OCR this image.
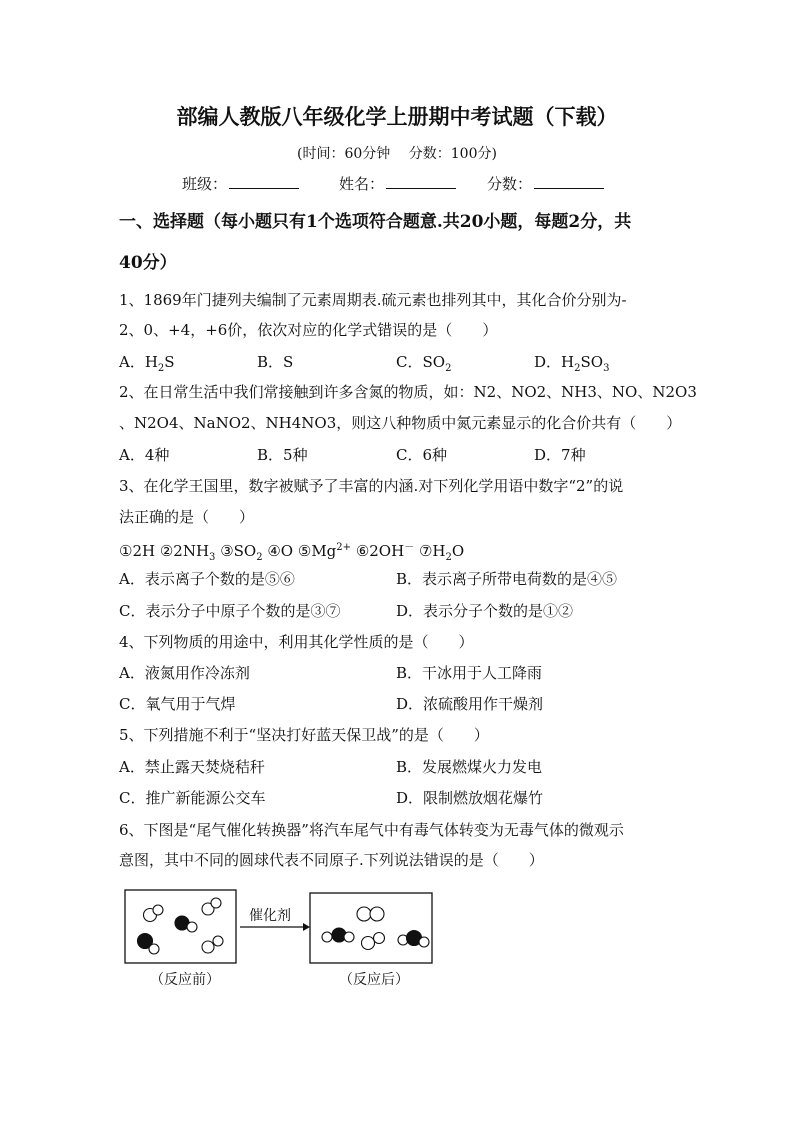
部编人教版八年级化学上册期中考试题（下载）
(时间：60分钟　 分数：100分)
班级：	姓名：	分数：
一、选择题（每小题只有1个选项符合题意.共20小题，每题2分，共
40分）
1、1869年门捷列夫编制了元素周期表.硫元素也排列其中，其化合价分别为-
2、0、+4，+6价，依次对应的化学式错误的是（　　）
A．$H_2S$	B．S	C．$SO_2$	D．$H_2SO_3$
2、在日常生活中我们常接触到许多含氮的物质，如：N2、NO2、NH3、NO、N2O3
、N2O4、NaNO2、NH4NO3，则这八种物质中氮元素显示的化合价共有（　　）
A．4种	B．5种	C．6种	D．7种
3、在化学王国里，数字被赋予了丰富的内涵.对下列化学用语中数字“2”的说
法正确的是（　　）
①2H $②2NH_3$ $③SO_2$ ④O $⑤Mg^{2+}$ ⑥2OH－ $⑦H_2O$
A．表示离子个数的是⑤⑥	B．表示离子所带电荷数的是④⑤
C．表示分子中原子个数的是③⑦	D．表示分子个数的是①②
4、下列物质的用途中，利用其化学性质的是（　　）
A．液氮用作冷冻剂	B．干冰用于人工降雨
C．氧气用于气焊	D．浓硫酸用作干燥剂
5、下列措施不利于“坚决打好蓝天保卫战”的是（　　）
A．禁止露天焚烧秸秆	B．发展燃煤火力发电
C．推广新能源公交车	D．限制燃放烟花爆竹
6、下图是“尾气催化转换器”将汽车尾气中有毒气体转变为无毒气体的微观示
意图，其中不同的圆球代表不同原子.下列说法错误的是（　　）
催化剂
（反应前）	（反应后）
